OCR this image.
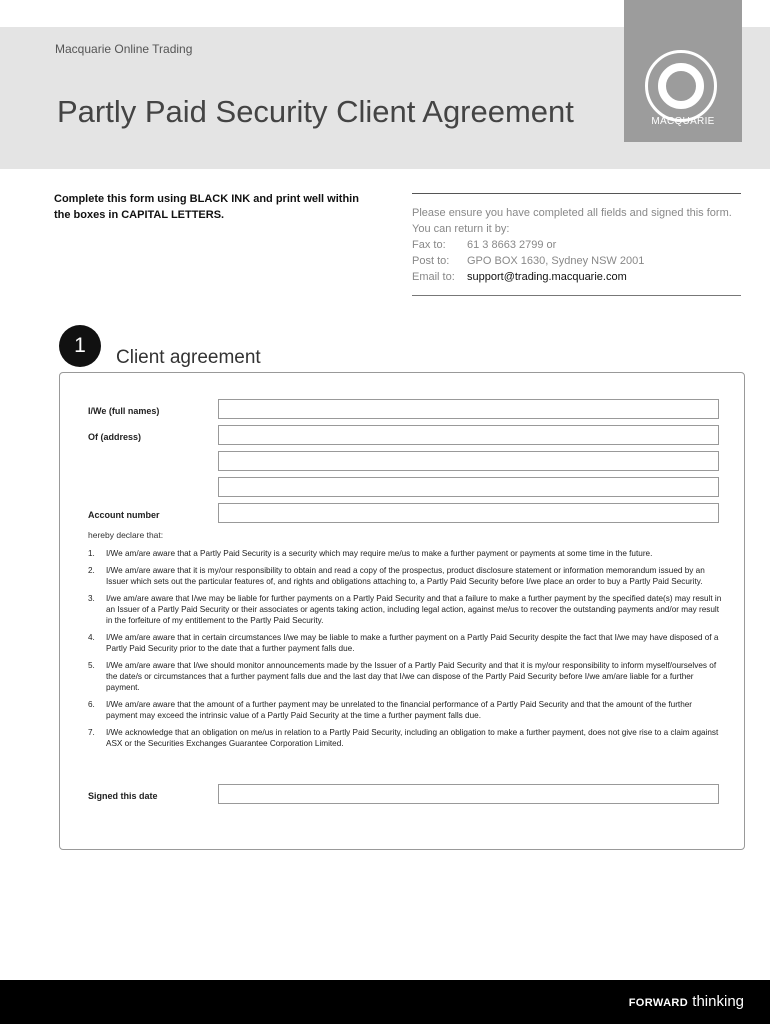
Macquarie Online Trading
Partly Paid Security Client Agreement	MACQUARIE
Complete this form using BLACK INK and print well within the boxes in CAPITAL LETTERS.	Please ensure you have completed all fields and signed this form. You can return it by:
Fax to:	61 3 8663 2799 or
Post to:	GPO BOX 1630, Sydney NSW 2001
Email to:	support@trading.macquarie.com
1
Client agreement
I/We (full names)
Of (address)
Account number
hereby declare that:
1.	I/We am/are aware that a Partly Paid Security is a security which may require me/us to make a further payment or payments at some time in the future.
2.	I/We am/are aware that it is my/our responsibility to obtain and read a copy of the prospectus, product disclosure statement or information memorandum issued by an Issuer which sets out the particular features of, and rights and obligations attaching to, a Partly Paid Security before I/we place an order to buy a Partly Paid Security.
3.	I/we am/are aware that I/we may be liable for further payments on a Partly Paid Security and that a failure to make a further payment by the specified date(s) may result in an Issuer of a Partly Paid Security or their associates or agents taking action, including legal action, against me/us to recover the outstanding payments and/or may result in the forfeiture of my entitlement to the Partly Paid Security.
4.	I/We am/are aware that in certain circumstances I/we may be liable to make a further payment on a Partly Paid Security despite the fact that I/we may have disposed of a Partly Paid Security prior to the date that a further payment falls due.
5.	I/We am/are aware that I/we should monitor announcements made by the Issuer of a Partly Paid Security and that it is my/our responsibility to inform myself/ourselves of the date/s or circumstances that a further payment falls due and the last day that I/we can dispose of the Partly Paid Security before I/we am/are liable for a further payment.
6.	I/We am/are aware that the amount of a further payment may be unrelated to the financial performance of a Partly Paid Security and that the amount of the further payment may exceed the intrinsic value of a Partly Paid Security at the time a further payment falls due.
7.	I/We acknowledge that an obligation on me/us in relation to a Partly Paid Security, including an obligation to make a further payment, does not give rise to a claim against ASX or the Securities Exchanges Guarantee Corporation Limited.
Signed this date
FORWARD thinking
